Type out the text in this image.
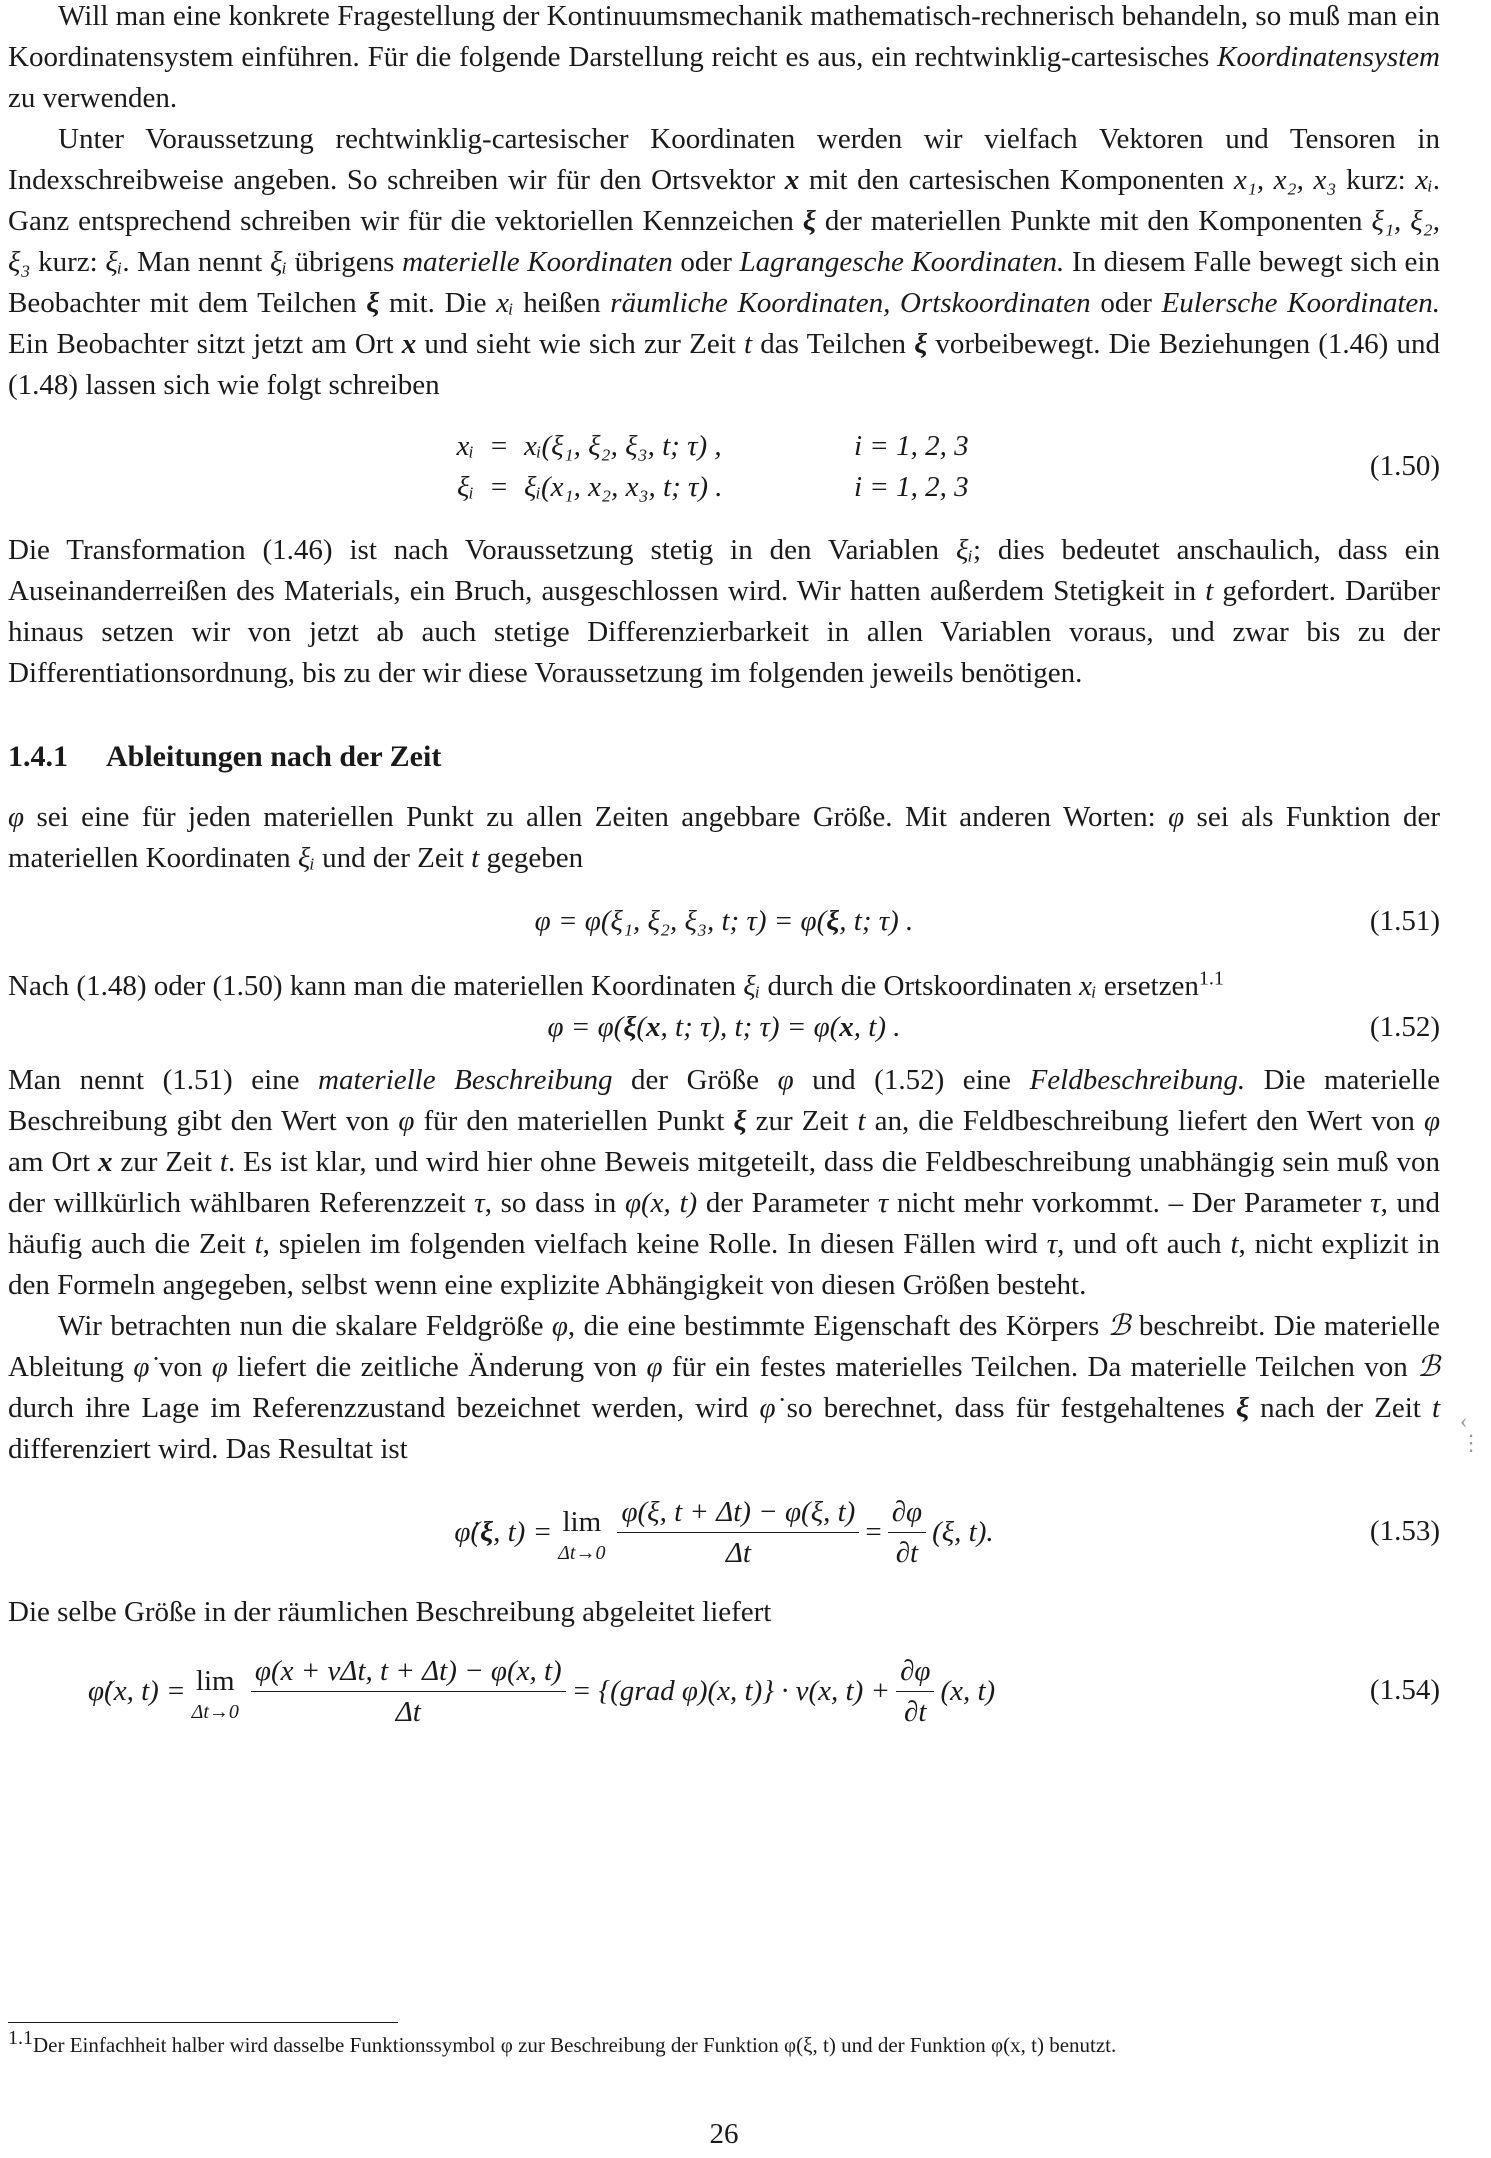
Will man eine konkrete Fragestellung der Kontinuumsmechanik mathematisch-rechnerisch behandeln, so muß man ein Koordinatensystem einführen. Für die folgende Darstellung reicht es aus, ein rechtwinklig-cartesisches Koordinatensystem zu verwenden.

Unter Voraussetzung rechtwinklig-cartesischer Koordinaten werden wir vielfach Vektoren und Tensoren in Indexschreibweise angeben. So schreiben wir für den Ortsvektor x mit den cartesischen Komponenten x₁, x₂, x₃ kurz: xᵢ. Ganz entsprechend schreiben wir für die vektoriellen Kennzeichen ξ der materiellen Punkte mit den Komponenten ξ₁, ξ₂, ξ₃ kurz: ξᵢ. Man nennt ξᵢ übrigens materielle Koordinaten oder Lagrangesche Koordinaten. In diesem Falle bewegt sich ein Beobachter mit dem Teilchen ξ mit. Die xᵢ heißen räumliche Koordinaten, Ortskoordinaten oder Eulersche Koordinaten. Ein Beobachter sitzt jetzt am Ort x und sieht wie sich zur Zeit t das Teilchen ξ vorbeibewegt. Die Beziehungen (1.46) und (1.48) lassen sich wie folgt schreiben

xᵢ = xᵢ(ξ₁, ξ₂, ξ₃, t; τ) ,	i = 1, 2, 3
ξᵢ = ξᵢ(x₁, x₂, x₃, t; τ) .	i = 1, 2, 3
(1.50)

Die Transformation (1.46) ist nach Voraussetzung stetig in den Variablen ξᵢ; dies bedeutet anschaulich, dass ein Auseinanderreißen des Materials, ein Bruch, ausgeschlossen wird. Wir hatten außerdem Stetigkeit in t gefordert. Darüber hinaus setzen wir von jetzt ab auch stetige Differenzierbarkeit in allen Variablen voraus, und zwar bis zu der Differentiationsordnung, bis zu der wir diese Voraussetzung im folgenden jeweils benötigen.

1.4.1 Ableitungen nach der Zeit

φ sei eine für jeden materiellen Punkt zu allen Zeiten angebbare Größe. Mit anderen Worten: φ sei als Funktion der materiellen Koordinaten ξᵢ und der Zeit t gegeben

φ = φ(ξ₁, ξ₂, ξ₃, t; τ) = φ(ξ, t; τ) .	(1.51)

Nach (1.48) oder (1.50) kann man die materiellen Koordinaten ξᵢ durch die Ortskoordinaten xᵢ ersetzen$^{1.1}$

φ = φ(ξ(x, t; τ), t; τ) = φ(x, t) .	(1.52)

Man nennt (1.51) eine materielle Beschreibung der Größe φ und (1.52) eine Feldbeschreibung. Die materielle Beschreibung gibt den Wert von φ für den materiellen Punkt ξ zur Zeit t an, die Feldbeschreibung liefert den Wert von φ am Ort x zur Zeit t. Es ist klar, und wird hier ohne Beweis mitgeteilt, dass die Feldbeschreibung unabhängig sein muß von der willkürlich wählbaren Referenzzeit τ, so dass in φ(x, t) der Parameter τ nicht mehr vorkommt. – Der Parameter τ, und häufig auch die Zeit t, spielen im folgenden vielfach keine Rolle. In diesen Fällen wird τ, und oft auch t, nicht explizit in den Formeln angegeben, selbst wenn eine explizite Abhängigkeit von diesen Größen besteht.

Wir betrachten nun die skalare Feldgröße φ, die eine bestimmte Eigenschaft des Körpers ℬ beschreibt. Die materielle Ableitung φ̇ von φ liefert die zeitliche Änderung von φ für ein festes materielles Teilchen. Da materielle Teilchen von ℬ durch ihre Lage im Referenzzustand bezeichnet werden, wird φ̇ so berechnet, dass für festgehaltenes ξ nach der Zeit t differenziert wird. Das Resultat ist

φ̇( ξ , t) = lim
$\Delta t\to 0 \frac{\varphi(\xi, t + \Delta t) - \varphi(\xi, t)}{\Delta t} = \frac{\partial\varphi}{\partial t} (\xi$, t).	(1.53)

Die selbe Größe in der räumlichen Beschreibung abgeleitet liefert

φ̇(x, t) = lim
$\Delta t\to 0 \frac{\text{φ(x + vΔt, t + Δt) − φ(x, t)}}{\Delta t}$ = {(grad φ)(x, t)} · v(x, $t) + \frac{\partial\varphi}{\partial t} (x$, t)	(1.54)
$^{1.1}$Der Einfachheit halber wird dasselbe Funktionssymbol φ zur Beschreibung der Funktion φ(ξ, t) und der Funktion φ(x, t) benutzt.
26
‹
⋮
